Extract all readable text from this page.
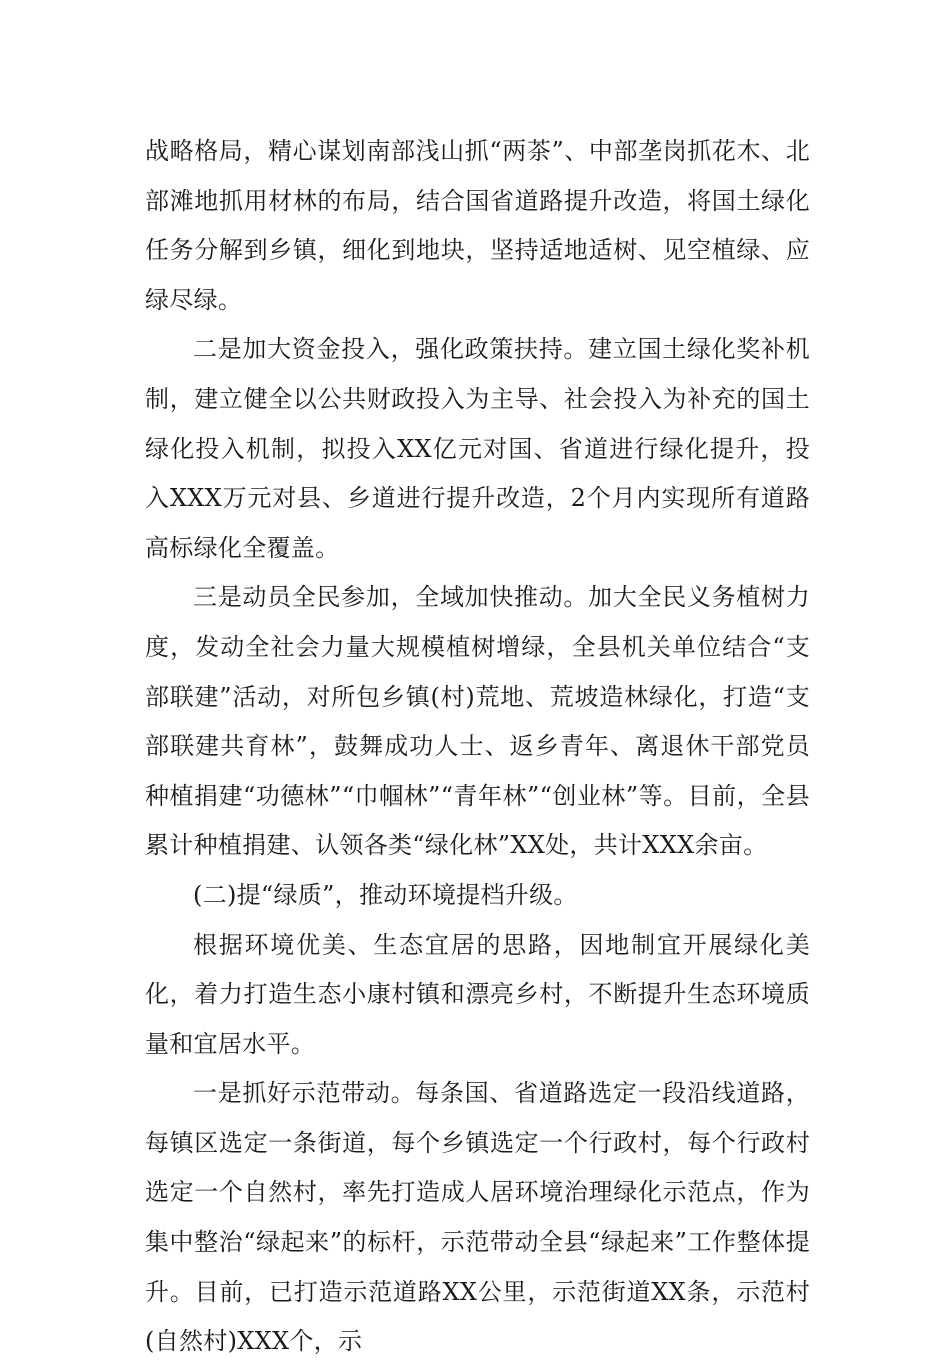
战略格局，精心谋划南部浅山抓“两茶”、中部垄岗抓花木、北部滩地抓用材林的布局，结合国省道路提升改造，将国土绿化任务分解到乡镇，细化到地块，坚持适地适树、见空植绿、应绿尽绿。

二是加大资金投入，强化政策扶持。建立国土绿化奖补机制，建立健全以公共财政投入为主导、社会投入为补充的国土绿化投入机制，拟投入XX亿元对国、省道进行绿化提升，投入XXX万元对县、乡道进行提升改造，2个月内实现所有道路高标绿化全覆盖。

三是动员全民参加，全域加快推动。加大全民义务植树力度，发动全社会力量大规模植树增绿，全县机关单位结合“支部联建”活动，对所包乡镇(村)荒地、荒坡造林绿化，打造“支部联建共育林”，鼓舞成功人士、返乡青年、离退休干部党员种植捐建“功德林”“巾帼林”“青年林”“创业林”等。目前，全县累计种植捐建、认领各类“绿化林”XX处，共计XXX余亩。

(二)提“绿质”，推动环境提档升级。

根据环境优美、生态宜居的思路，因地制宜开展绿化美化，着力打造生态小康村镇和漂亮乡村，不断提升生态环境质量和宜居水平。

一是抓好示范带动。每条国、省道路选定一段沿线道路，每镇区选定一条街道，每个乡镇选定一个行政村，每个行政村选定一个自然村，率先打造成人居环境治理绿化示范点，作为集中整治“绿起来”的标杆，示范带动全县“绿起来”工作整体提升。目前，已打造示范道路XX公里，示范街道XX条，示范村(自然村)XXX个，示
